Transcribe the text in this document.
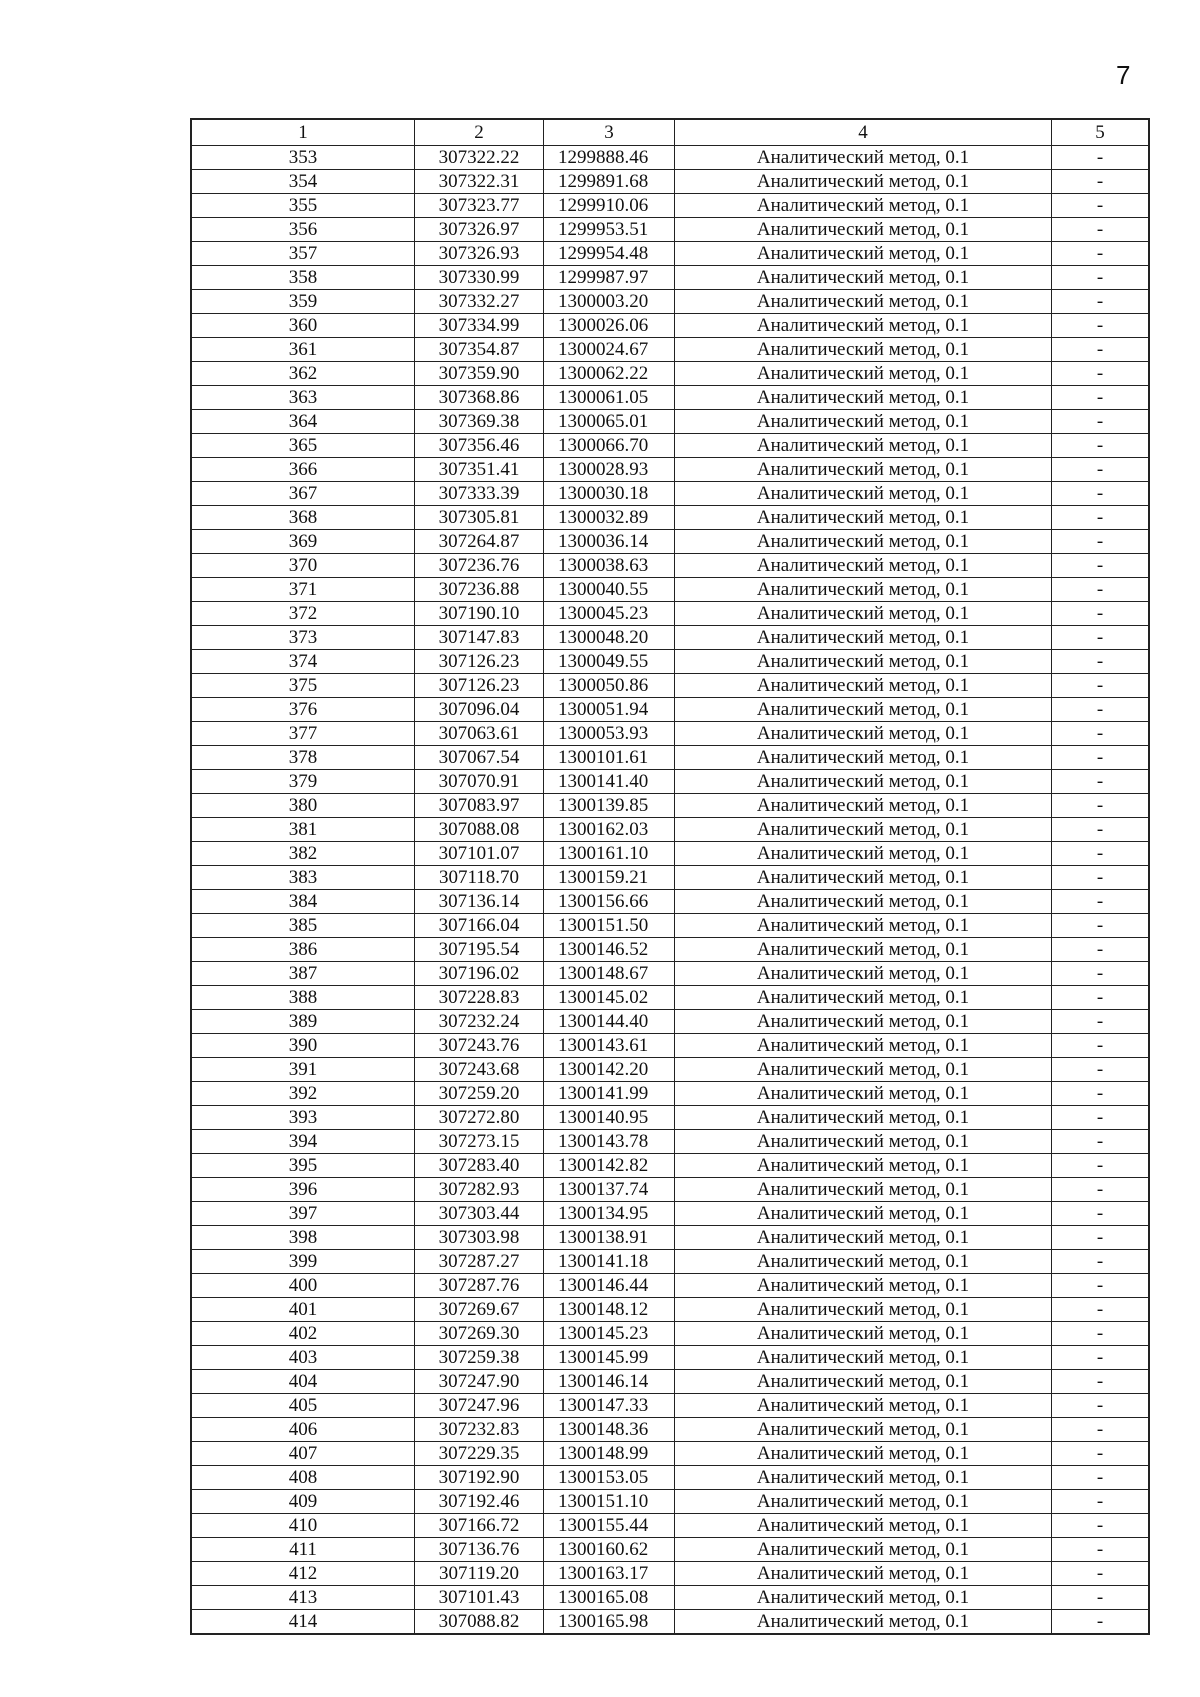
7
1	2	3	4	5
353	307322.22	1299888.46	Аналитический метод, 0.1	-
354	307322.31	1299891.68	Аналитический метод, 0.1	-
355	307323.77	1299910.06	Аналитический метод, 0.1	-
356	307326.97	1299953.51	Аналитический метод, 0.1	-
357	307326.93	1299954.48	Аналитический метод, 0.1	-
358	307330.99	1299987.97	Аналитический метод, 0.1	-
359	307332.27	1300003.20	Аналитический метод, 0.1	-
360	307334.99	1300026.06	Аналитический метод, 0.1	-
361	307354.87	1300024.67	Аналитический метод, 0.1	-
362	307359.90	1300062.22	Аналитический метод, 0.1	-
363	307368.86	1300061.05	Аналитический метод, 0.1	-
364	307369.38	1300065.01	Аналитический метод, 0.1	-
365	307356.46	1300066.70	Аналитический метод, 0.1	-
366	307351.41	1300028.93	Аналитический метод, 0.1	-
367	307333.39	1300030.18	Аналитический метод, 0.1	-
368	307305.81	1300032.89	Аналитический метод, 0.1	-
369	307264.87	1300036.14	Аналитический метод, 0.1	-
370	307236.76	1300038.63	Аналитический метод, 0.1	-
371	307236.88	1300040.55	Аналитический метод, 0.1	-
372	307190.10	1300045.23	Аналитический метод, 0.1	-
373	307147.83	1300048.20	Аналитический метод, 0.1	-
374	307126.23	1300049.55	Аналитический метод, 0.1	-
375	307126.23	1300050.86	Аналитический метод, 0.1	-
376	307096.04	1300051.94	Аналитический метод, 0.1	-
377	307063.61	1300053.93	Аналитический метод, 0.1	-
378	307067.54	1300101.61	Аналитический метод, 0.1	-
379	307070.91	1300141.40	Аналитический метод, 0.1	-
380	307083.97	1300139.85	Аналитический метод, 0.1	-
381	307088.08	1300162.03	Аналитический метод, 0.1	-
382	307101.07	1300161.10	Аналитический метод, 0.1	-
383	307118.70	1300159.21	Аналитический метод, 0.1	-
384	307136.14	1300156.66	Аналитический метод, 0.1	-
385	307166.04	1300151.50	Аналитический метод, 0.1	-
386	307195.54	1300146.52	Аналитический метод, 0.1	-
387	307196.02	1300148.67	Аналитический метод, 0.1	-
388	307228.83	1300145.02	Аналитический метод, 0.1	-
389	307232.24	1300144.40	Аналитический метод, 0.1	-
390	307243.76	1300143.61	Аналитический метод, 0.1	-
391	307243.68	1300142.20	Аналитический метод, 0.1	-
392	307259.20	1300141.99	Аналитический метод, 0.1	-
393	307272.80	1300140.95	Аналитический метод, 0.1	-
394	307273.15	1300143.78	Аналитический метод, 0.1	-
395	307283.40	1300142.82	Аналитический метод, 0.1	-
396	307282.93	1300137.74	Аналитический метод, 0.1	-
397	307303.44	1300134.95	Аналитический метод, 0.1	-
398	307303.98	1300138.91	Аналитический метод, 0.1	-
399	307287.27	1300141.18	Аналитический метод, 0.1	-
400	307287.76	1300146.44	Аналитический метод, 0.1	-
401	307269.67	1300148.12	Аналитический метод, 0.1	-
402	307269.30	1300145.23	Аналитический метод, 0.1	-
403	307259.38	1300145.99	Аналитический метод, 0.1	-
404	307247.90	1300146.14	Аналитический метод, 0.1	-
405	307247.96	1300147.33	Аналитический метод, 0.1	-
406	307232.83	1300148.36	Аналитический метод, 0.1	-
407	307229.35	1300148.99	Аналитический метод, 0.1	-
408	307192.90	1300153.05	Аналитический метод, 0.1	-
409	307192.46	1300151.10	Аналитический метод, 0.1	-
410	307166.72	1300155.44	Аналитический метод, 0.1	-
411	307136.76	1300160.62	Аналитический метод, 0.1	-
412	307119.20	1300163.17	Аналитический метод, 0.1	-
413	307101.43	1300165.08	Аналитический метод, 0.1	-
414	307088.82	1300165.98	Аналитический метод, 0.1	-
